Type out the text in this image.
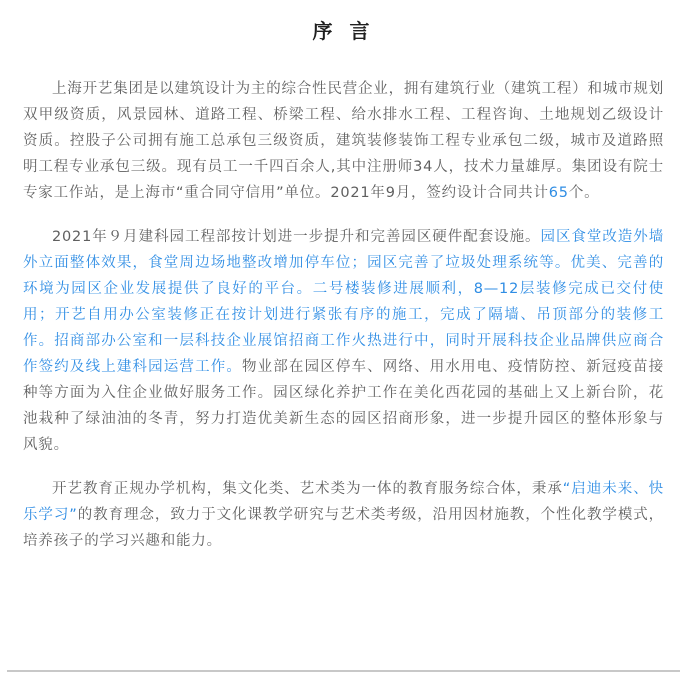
序 言

上海开艺集团是以建筑设计为主的综合性民营企业，拥有建筑行业（建筑工程）和城市规划双甲级资质，风景园林、道路工程、桥梁工程、给水排水工程、工程咨询、土地规划乙级设计资质。控股子公司拥有施工总承包三级资质，建筑装修装饰工程专业承包二级，城市及道路照明工程专业承包三级。现有员工一千四百余人,其中注册师34人，技术力量雄厚。集团设有院士专家工作站，是上海市“重合同守信用”单位。2021年9月，签约设计合同共计65个。

2021年９月建科园工程部按计划进一步提升和完善园区硬件配套设施。园区食堂改造外墙外立面整体效果，食堂周边场地整改增加停车位；园区完善了垃圾处理系统等。优美、完善的环境为园区企业发展提供了良好的平台。二号楼装修进展顺利，8—12层装修完成已交付使用；开艺自用办公室装修正在按计划进行紧张有序的施工，完成了隔墙、吊顶部分的装修工作。招商部办公室和一层科技企业展馆招商工作火热进行中，同时开展科技企业品牌供应商合作签约及线上建科园运营工作。物业部在园区停车、网络、用水用电、疫情防控、新冠疫苗接种等方面为入住企业做好服务工作。园区绿化养护工作在美化西花园的基础上又上新台阶，花池栽种了绿油油的冬青，努力打造优美新生态的园区招商形象，进一步提升园区的整体形象与风貌。

开艺教育正规办学机构，集文化类、艺术类为一体的教育服务综合体，秉承“启迪未来、快乐学习”的教育理念，致力于文化课教学研究与艺术类考级，沿用因材施教，个性化教学模式，培养孩子的学习兴趣和能力。
